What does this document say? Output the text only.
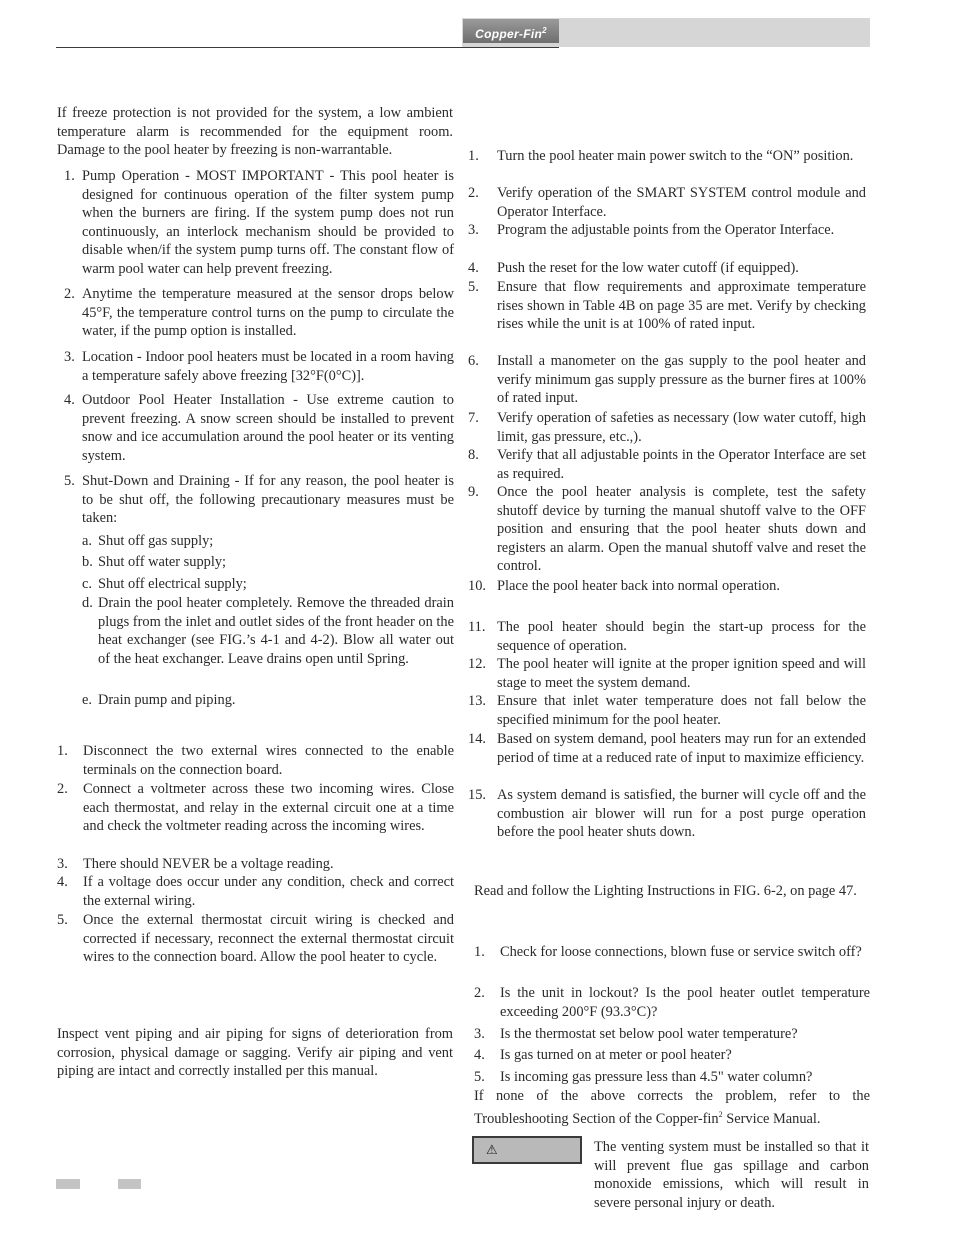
Copper-Fin$^2$

If freeze protection is not provided for the system, a low ambient temperature alarm is recommended for the equipment room. Damage to the pool heater by freezing is non-warrantable.

1. Pump Operation - MOST IMPORTANT - This pool heater is designed for continuous operation of the filter system pump when the burners are firing. If the system pump does not run continuously, an interlock mechanism should be provided to disable when/if the system pump turns off. The constant flow of warm pool water can help prevent freezing.
2. Anytime the temperature measured at the sensor drops below 45°F, the temperature control turns on the pump to circulate the water, if the pump option is installed.
3. Location - Indoor pool heaters must be located in a room having a temperature safely above freezing [32°F(0°C)].
4. Outdoor Pool Heater Installation - Use extreme caution to prevent freezing. A snow screen should be installed to prevent snow and ice accumulation around the pool heater or its venting system.
5. Shut-Down and Draining - If for any reason, the pool heater is to be shut off, the following precautionary measures must be taken:
a. Shut off gas supply;
b. Shut off water supply;
c. Shut off electrical supply;
d. Drain the pool heater completely. Remove the threaded drain plugs from the inlet and outlet sides of the front header on the heat exchanger (see FIG.’s 4-1 and 4-2). Blow all water out of the heat exchanger. Leave drains open until Spring.
e. Drain pump and piping.
1.	Disconnect the two external wires connected to the enable terminals on the connection board.
2.	Connect a voltmeter across these two incoming wires. Close each thermostat, and relay in the external circuit one at a time and check the voltmeter reading across the incoming wires.
3.	There should NEVER be a voltage reading.
4.	If a voltage does occur under any condition, check and correct the external wiring.
5.	Once the external thermostat circuit wiring is checked and corrected if necessary, reconnect the external thermostat circuit wires to the connection board. Allow the pool heater to cycle.

Inspect vent piping and air piping for signs of deterioration from corrosion, physical damage or sagging. Verify air piping and vent piping are intact and correctly installed per this manual.

1.	Turn the pool heater main power switch to the “ON” position.
2.	Verify operation of the SMART SYSTEM control module and Operator Interface.
3.	Program the adjustable points from the Operator Interface.
4.	Push the reset for the low water cutoff (if equipped).
5.	Ensure that flow requirements and approximate temperature rises shown in Table 4B on page 35 are met. Verify by checking rises while the unit is at 100% of rated input.
6.	Install a manometer on the gas supply to the pool heater and verify minimum gas supply pressure as the burner fires at 100% of rated input.
7.	Verify operation of safeties as necessary (low water cutoff, high limit, gas pressure, etc.,).
8.	Verify that all adjustable points in the Operator Interface are set as required.
9.	Once the pool heater analysis is complete, test the safety shutoff device by turning the manual shutoff valve to the OFF position and ensuring that the pool heater shuts down and registers an alarm. Open the manual shutoff valve and reset the control.
10. Place the pool heater back into normal operation.
11. The pool heater should begin the start-up process for the sequence of operation.
12. The pool heater will ignite at the proper ignition speed and will stage to meet the system demand.
13. Ensure that inlet water temperature does not fall below the specified minimum for the pool heater.
14. Based on system demand, pool heaters may run for an extended period of time at a reduced rate of input to maximize efficiency.
15. As system demand is satisfied, the burner will cycle off and the combustion air blower will run for a post purge operation before the pool heater shuts down.

Read and follow the Lighting Instructions in FIG. 6-2, on page 47.

1.	Check for loose connections, blown fuse or service switch off?
2.	Is the unit in lockout? Is the pool heater outlet temperature exceeding 200°F (93.3°C)?
3.	Is the thermostat set below pool water temperature?
4.	Is gas turned on at meter or pool heater?
5.	Is incoming gas pressure less than 4.5" water column?

If none of the above corrects the problem, refer to the Troubleshooting Section of the Copper-fin$^2$ Service Manual.

⚠	The venting system must be installed so that it will prevent flue gas spillage and carbon monoxide emissions, which will result in severe personal injury or death.
